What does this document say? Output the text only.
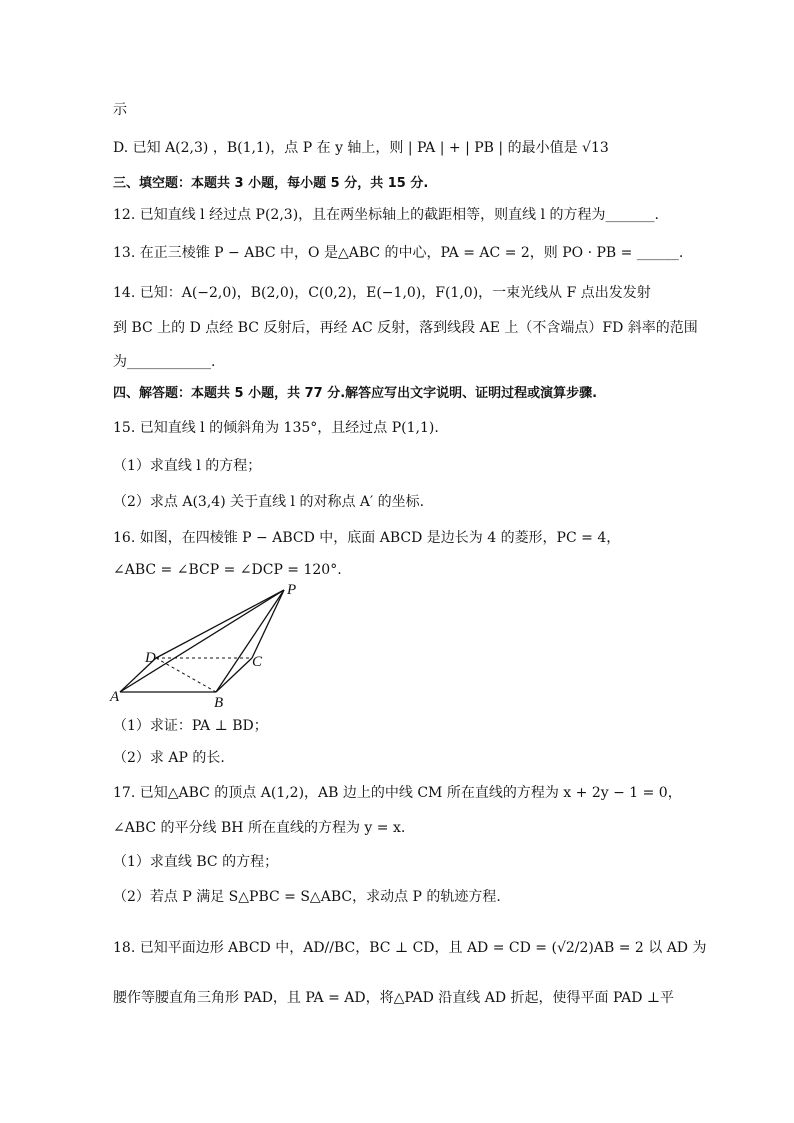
示
D. 已知 A(2,3) ，B(1,1)，点 P 在 y 轴上，则 | PA | + | PB | 的最小值是 √13
三、填空题：本题共 3 小题，每小题 5 分，共 15 分.
12. 已知直线 l 经过点 P(2,3)，且在两坐标轴上的截距相等，则直线 l 的方程为_______.
13. 在正三棱锥 P − ABC 中，O 是△ABC 的中心，PA = AC = 2，则 PO · PB = ______.
14. 已知：A(−2,0)，B(2,0)，C(0,2)，E(−1,0)，F(1,0)，一束光线从 F 点出发发射
到 BC 上的 D 点经 BC 反射后，再经 AC 反射，落到线段 AE 上（不含端点）FD 斜率的范围
为____________.
四、解答题：本题共 5 小题，共 77 分.解答应写出文字说明、证明过程或演算步骤.
15. 已知直线 l 的倾斜角为 135°，且经过点 P(1,1).
（1）求直线 l 的方程；
（2）求点 A(3,4) 关于直线 l 的对称点 A′ 的坐标.
16. 如图，在四棱锥 P − ABCD 中，底面 ABCD 是边长为 4 的菱形，PC = 4，
∠ABC = ∠BCP = ∠DCP = 120°.
（1）求证：PA ⊥ BD；
（2）求 AP 的长.
17. 已知△ABC 的顶点 A(1,2)，AB 边上的中线 CM 所在直线的方程为 x + 2y − 1 = 0，
∠ABC 的平分线 BH 所在直线的方程为 y = x.
（1）求直线 BC 的方程；
（2）若点 P 满足 S△PBC = S△ABC，求动点 P 的轨迹方程.
18. 已知平面边形 ABCD 中，AD//BC，BC ⊥ CD，且 AD = CD = (√2/2)AB = 2 以 AD 为
腰作等腰直角三角形 PAD，且 PA = AD，将△PAD 沿直线 AD 折起，使得平面 PAD ⊥平
P
A	B
C
D
